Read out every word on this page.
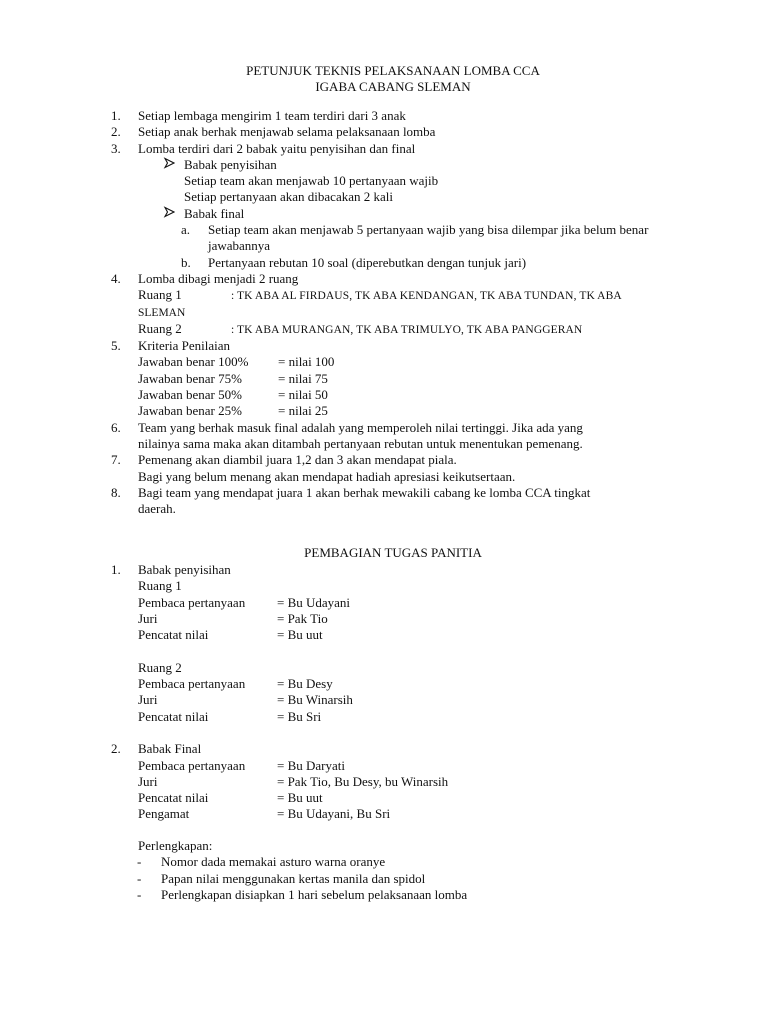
PETUNJUK TEKNIS PELAKSANAAN LOMBA CCA
IGABA CABANG SLEMAN
1. Setiap lembaga mengirim 1 team terdiri dari 3 anak
2. Setiap anak berhak menjawab selama pelaksanaan lomba
3. Lomba terdiri dari 2 babak yaitu penyisihan dan final
Babak penyisihan
Setiap team akan menjawab 10 pertanyaan wajib
Setiap pertanyaan akan dibacakan 2 kali
Babak final
a. Setiap team akan menjawab 5 pertanyaan wajib yang bisa dilempar jika belum benar jawabannya
b. Pertanyaan rebutan 10 soal (diperebutkan dengan tunjuk jari)
4. Lomba dibagi menjadi 2 ruang
Ruang 1	: TK ABA AL FIRDAUS, TK ABA KENDANGAN, TK ABA TUNDAN, TK ABA
SLEMAN
Ruang 2	: TK ABA MURANGAN, TK ABA TRIMULYO, TK ABA PANGGERAN
5. Kriteria Penilaian
Jawaban benar 100% = nilai 100
Jawaban benar 75%	= nilai 75
Jawaban benar 50%	= nilai 50
Jawaban benar 25%	= nilai 25
6. Team yang berhak masuk final adalah yang memperoleh nilai tertinggi. Jika ada yang
nilainya sama maka akan ditambah pertanyaan rebutan untuk menentukan pemenang.
7. Pemenang akan diambil juara 1,2 dan 3 akan mendapat piala.
Bagi yang belum menang akan mendapat hadiah apresiasi keikutsertaan.
8. Bagi team yang mendapat juara 1 akan berhak mewakili cabang ke lomba CCA tingkat
daerah.
PEMBAGIAN TUGAS PANITIA
1. Babak penyisihan
Ruang 1
Pembaca pertanyaan = Bu Udayani
Juri	= Pak Tio
Pencatat nilai	= Bu uut
Ruang 2
Pembaca pertanyaan = Bu Desy
Juri	= Bu Winarsih
Pencatat nilai	= Bu Sri
2. Babak Final
Pembaca pertanyaan = Bu Daryati
Juri	= Pak Tio, Bu Desy, bu Winarsih
Pencatat nilai	= Bu uut
Pengamat	= Bu Udayani, Bu Sri
Perlengkapan:
- Nomor dada memakai asturo warna oranye
- Papan nilai menggunakan kertas manila dan spidol
- Perlengkapan disiapkan 1 hari sebelum pelaksanaan lomba
